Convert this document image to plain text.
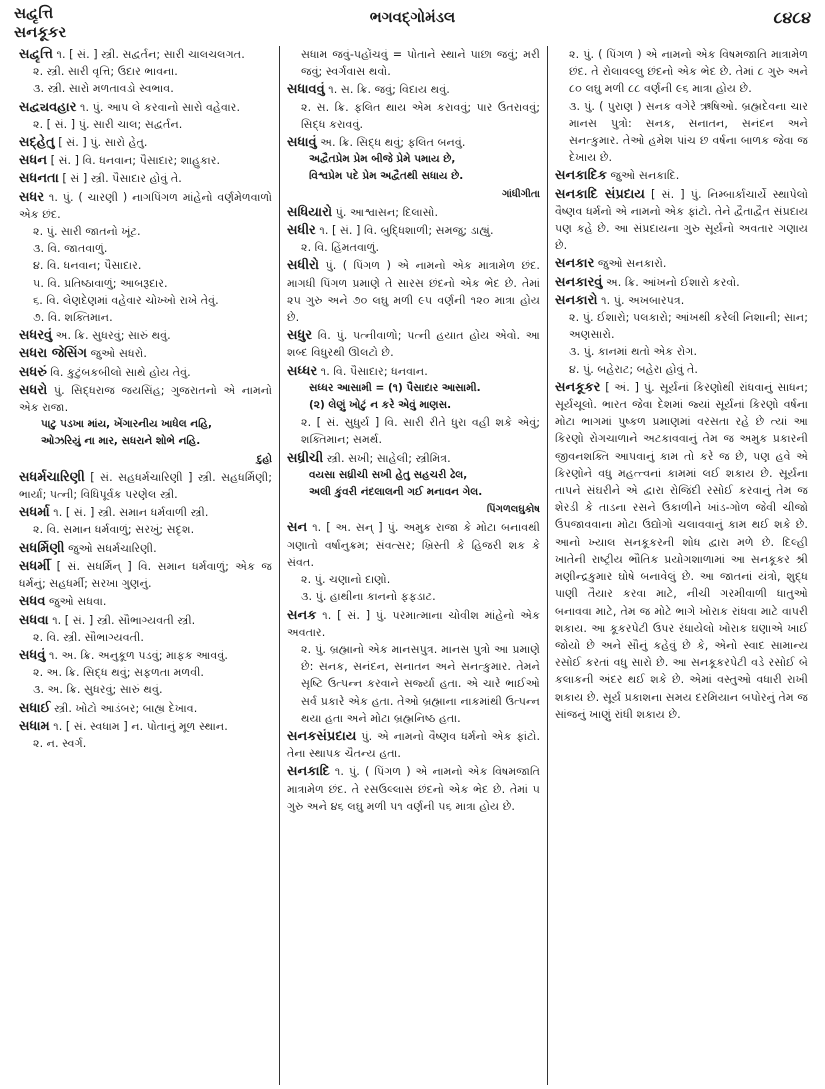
સદ્વૃત્તિ
સનકૂકર
ભગવદ્ગોમંડલ	૮૪૮૪
સદ્વૃત્તિ ૧. [ સં. ] સ્ત્રી. સદ્વર્તન; સારી ચાલચલગત.
૨. સ્ત્રી. સારી વૃત્તિ; ઉદાર ભાવના.
૩. સ્ત્રી. સારો મળતાવડો સ્વભાવ.
સદ્વ્યવહાર ૧. પું. આપ લે કરવાનો સારો વહેવાર.
૨. [ સં. ] પું. સારી ચાલ; સદ્વર્તન.
સદ્હેતુ [ સં. ] પું. સારો હેતુ.
સધન [ સં. ] વિ. ધનવાન; પૈસાદાર; શાહુકાર.
સધનતા [ સં ] સ્ત્રી. પૈસાદાર હોવું તે.
સધર ૧. પું. ( ચારણી ) નાગપિંગળ માંહેનો વર્ણમેળવાળો એક છંદ.
૨. પું. સારી જાતનો ખૂંટ.
૩. વિ. જાતવાળું.
૪. વિ. ધનવાન; પૈસાદાર.
૫. વિ. પ્રતિષ્ઠાવાળું; આબરૂદાર.
૬. વિ. લેણદેણમાં વહેવાર ચોખ્ખો રાખે તેવું.
૭. વિ. શક્તિમાન.
સધરવું અ. ક્રિ. સુધરવું; સારું થવું.
સધરા જેસિંગ જુઓ સધરો.
સધરું વિ. કુટુંબકબીલો સાથે હોય તેવું.
સધરો પું. સિદ્ધરાજ જયસિંહ; ગુજરાતનો એ નામનો એક રાજા.
પાટુ પડખા માંય, ખેંગારનીય ખાધેલ નહિ,
ઓઝરિયું ના માર, સધરાને શોભે નહિ.
દુહો
સધર્મચારિણી [ સં. સહધર્મચારિણી ] સ્ત્રી. સહધર્મિણી; ભાર્યા; પત્ની; વિધિપૂર્વક પરણેલ સ્ત્રી.
સધર્મા ૧. [ સં. ] સ્ત્રી. સમાન ધર્મવાળી સ્ત્રી.
૨. વિ. સમાન ધર્મવાળું; સરખું; સદૃશ.
સધર્મિણી જુઓ સધર્મચારિણી.
સધર્મી [ સં. સધર્મિન્ ] વિ. સમાન ધર્મવાળું; એક જ ધર્મનું; સહધર્મી; સરખા ગુણનું.
સધવ જુઓ સધવા.
સધવા ૧. [ સં. ] સ્ત્રી. સૌભાગ્યવતી સ્ત્રી.
૨. વિ. સ્ત્રી. સૌભાગ્યવતી.
સધવું ૧. અ. ક્રિ. અનુકૂળ પડવું; માફક આવવું.
૨. અ. ક્રિ. સિદ્ધ થવું; સફળતા મળવી.
૩. અ. ક્રિ. સુધરવું; સારું થવું.
સધાઈ સ્ત્રી. ખોટો આડંબર; બાહ્ય દેખાવ.
સધામ ૧. [ સં. સ્વધામ ] ન. પોતાનું મૂળ સ્થાન.
૨. ન. સ્વર્ગ.
સધામ જવું-પહોંચવું = પોતાને સ્થાને પાછા જવું; મરી જવું; સ્વર્ગવાસ થવો.
સધાવવું ૧. સ. ક્રિ. જવું; વિદાય થવું.
૨. સ. ક્રિ. ફલિત થાય એમ કરાવવું; પાર ઉતરાવવું; સિદ્ધ કરાવવું.
સધાવું અ. ક્રિ. સિદ્ધ થવું; ફલિત બનવું.
અદ્વૈતપ્રેમ પ્રેમ બીજે પ્રેમે પમાય છે,
વિશ્વપ્રેમ પદે પ્રેમ અદ્વૈતથી સધાય છે.
ગાંધીગીતા
સધિયારો પું. આશ્વાસન; દિલાસો.
સધીર ૧. [ સં. ] વિ. બુદ્ધિશાળી; સમજુ; ડાહ્યું.
૨. વિ. હિંમતવાળું.
સધીરો પું. ( પિંગળ ) એ નામનો એક માત્રામેળ છંદ. માગધી પિંગળ પ્રમાણે તે સારસ છંદનો એક ભેદ છે. તેમાં ૨૫ ગુરુ અને ૭૦ લઘુ મળી ૯૫ વર્ણની ૧૨૦ માત્રા હોય છે.
સધુર વિ. પું. પત્નીવાળો; પત્ની હયાત હોય એવો. આ શબ્દ વિધુરથી ઊલટો છે.
સધ્ધર ૧. વિ. પૈસાદાર; ધનવાન.
સધ્ધર આસામી = (૧) પૈસાદાર આસામી.
(૨) લેણું ખોટું ન કરે એવું માણસ.
૨. [ સં. સુધુર્ય ] વિ. સારી રીતે ધુરા વહી શકે એવું; શક્તિમાન; સમર્થ.
સધ્રીચી સ્ત્રી. સખી; સાહેલી; સ્ત્રીમિત્ર.
વયસા સધ્રીચી સખી હેતુ સહચરી ઢેલ,
અલી કુંવરી નંદલાલની ગઈ મનાવન ગેલ.
પિંગળલઘુકોષ
સન ૧. [ અ. સન્ ] પું. અમુક રાજા કે મોટા બનાવથી ગણાતો વર્ષાનુક્રમ; સંવત્સર; ખ્રિસ્તી કે હિજરી શક કે સંવત.
૨. પું. ચણાનો દાણો.
૩. પું. હાથીના કાનનો ફફડાટ.
સનક ૧. [ સં. ] પું. પરમાત્માના ચોવીશ માંહેનો એક અવતાર.
૨. પું. બ્રહ્માનો એક માનસપુત્ર. માનસ પુત્રો આ પ્રમાણે છે: સનક, સનંદન, સનાતન અને સનત્કુમાર. તેમને સૃષ્ટિ ઉત્પન્ન કરવાને સર્જ્યા હતા. એ ચારે ભાઈઓ સર્વ પ્રકારે એક હતા. તેઓ બ્રહ્માના નાકમાંથી ઉત્પન્ન થયા હતા અને મોટા બ્રહ્મનિષ્ઠ હતા.
સનકસંપ્રદાય પું. એ નામનો વૈષ્ણવ ધર્મનો એક ફાંટો. તેના સ્થાપક ચૈતન્ય હતા.
સનકાદિ ૧. પું. ( પિંગળ ) એ નામનો એક વિષમજાતિ માત્રામેળ છંદ. તે રસઉલ્લાસ છંદનો એક ભેદ છે. તેમાં ૫ ગુરુ અને ૪૬ લઘુ મળી ૫૧ વર્ણની ૫૬ માત્રા હોય છે.
૨. પું. ( પિંગળ ) એ નામનો એક વિષમજાતિ માત્રામેળ છંદ. તે રોલાવલ્લુ છંદનો એક ભેદ છે. તેમાં ૮ ગુરુ અને ૮૦ લઘુ મળી ૮૮ વર્ણની ૯૬ માત્રા હોય છે.
૩. પું. ( પુરાણ ) સનક વગેરે ઋષિઓ. બ્રહ્મદેવના ચાર માનસ પુત્રો: સનક, સનાતન, સનંદન અને સનત્કુમાર. તેઓ હમેશ પાંચ છ વર્ષના બાળક જેવા જ દેખાય છે.
સનકાદિક જુઓ સનકાદિ.
સનકાદિ સંપ્રદાય [ સં. ] પું. નિમ્બાર્કાચાર્યે સ્થાપેલો વૈષ્ણવ ધર્મનો એ નામનો એક ફાંટો. તેને દ્વૈતાદ્વૈત સંપ્રદાય પણ કહે છે. આ સંપ્રદાયના ગુરુ સૂર્યનો અવતાર ગણાય છે.
સનકાર જુઓ સનકારો.
સનકારવું અ. ક્રિ. આંખનો ઈશારો કરવો.
સનકારો ૧. પું. અખબારપત્ર.
૨. પું. ઈશારો; પલકારો; આંખથી કરેલી નિશાની; સાન; અણસારો.
૩. પું. કાનમાં થતો એક રોગ.
૪. પું. બહેરાટ; બહેરા હોવું તે.
સનકૂકર [ અં. ] પું. સૂર્યનાં કિરણોથી રાંધવાનું સાધન; સૂર્યચૂલો. ભારત જેવા દેશમાં જ્યાં સૂર્યનાં કિરણો વર્ષના મોટા ભાગમાં પુષ્કળ પ્રમાણમાં વરસતા રહે છે ત્યાં આ કિરણો રોગચાળાને અટકાવવાનું તેમ જ અમુક પ્રકારની જીવનશક્તિ આપવાનું કામ તો કરે જ છે, પણ હવે એ કિરણોને વધુ મહત્ત્વનાં કામમાં લઈ શકાય છે. સૂર્યના તાપને સંઘરીને એ દ્વારા રોજિંદી રસોઈ કરવાનું તેમ જ શેરડી કે તાડના રસને ઉકાળીને ખાંડ-ગોળ જેવી ચીજો ઉપજાવવાના મોટા ઉદ્યોગો ચલાવવાનું કામ થઈ શકે છે. આનો ખ્યાલ સનકૂકરની શોધ દ્વારા મળે છે. દિલ્હી ખાતેની રાષ્ટ્રીય ભૌતિક પ્રયોગશાળામાં આ સનકૂકર શ્રી મણીન્દ્રકુમાર ઘોષે બનાવેલું છે. આ જાતનાં યંત્રો, શુદ્ધ પાણી તૈયાર કરવા માટે, નીચી ગરમીવાળી ધાતુઓ બનાવવા માટે, તેમ જ મોટે ભાગે ખોરાક રાંધવા માટે વાપરી શકાય. આ કૂકરપેટી ઉપર રંધાયેલો ખોરાક ઘણાએ ખાઈ જોયો છે અને સૌનું કહેવું છે કે, એનો સ્વાદ સામાન્ય રસોઈ કરતાં વધુ સારો છે. આ સનકૂકરપેટી વડે રસોઈ બે કલાકની અંદર થઈ શકે છે. એમાં વસ્તુઓ વધારી રાખી શકાય છે. સૂર્ય પ્રકાશના સમય દરમિયાન બપોરનું તેમ જ સાંજનું ખાણું રાંધી શકાય છે.
